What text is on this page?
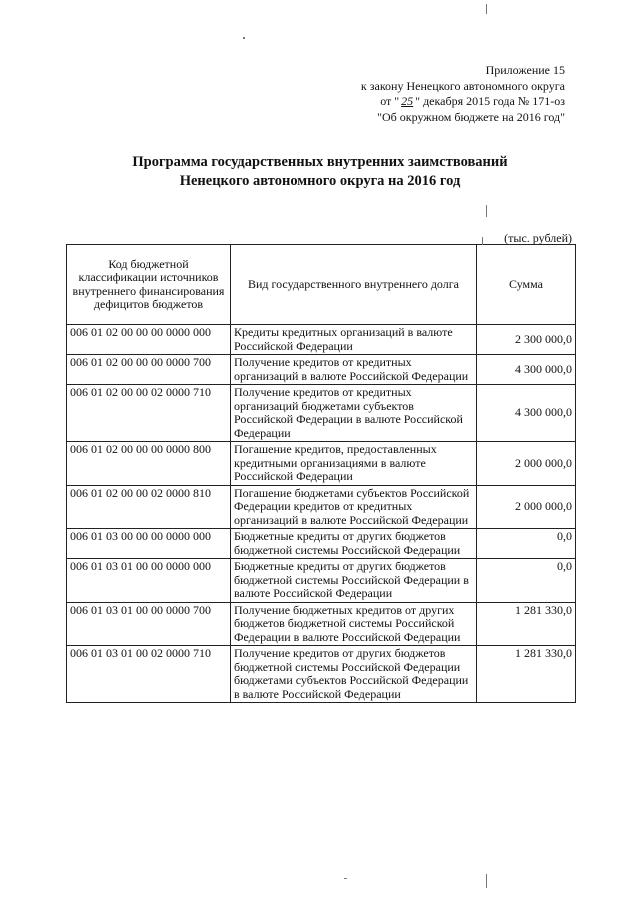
Приложение 15
к закону Ненецкого автономного округа
от " 25 " декабря 2015 года № 171-оз
"Об окружном бюджете на 2016 год"
Программа государственных внутренних заимствований
Ненецкого автономного округа на 2016 год
(тыс. рублей)
Код бюджетной классификации источников внутреннего финансирования дефицитов бюджетов	Вид государственного внутреннего долга	Сумма
006 01 02 00 00 00 0000 000	Кредиты кредитных организаций в валюте Российской Федерации	2 300 000,0
006 01 02 00 00 00 0000 700	Получение кредитов от кредитных организаций в валюте Российской Федерации	4 300 000,0
006 01 02 00 00 02 0000 710	Получение кредитов от кредитных организаций бюджетами субъектов Российской Федерации в валюте Российской Федерации	4 300 000,0
006 01 02 00 00 00 0000 800	Погашение кредитов, предоставленных кредитными организациями в валюте Российской Федерации	2 000 000,0
006 01 02 00 00 02 0000 810	Погашение бюджетами субъектов Российской Федерации кредитов от кредитных организаций в валюте Российской Федерации	2 000 000,0
006 01 03 00 00 00 0000 000	Бюджетные кредиты от других бюджетов бюджетной системы Российской Федерации	0,0
006 01 03 01 00 00 0000 000	Бюджетные кредиты от других бюджетов бюджетной системы Российской Федерации в валюте Российской Федерации	0,0
006 01 03 01 00 00 0000 700	Получение бюджетных кредитов от других бюджетов бюджетной системы Российской Федерации в валюте Российской Федерации	1 281 330,0
006 01 03 01 00 02 0000 710	Получение кредитов от других бюджетов бюджетной системы Российской Федерации бюджетами субъектов Российской Федерации в валюте Российской Федерации	1 281 330,0
